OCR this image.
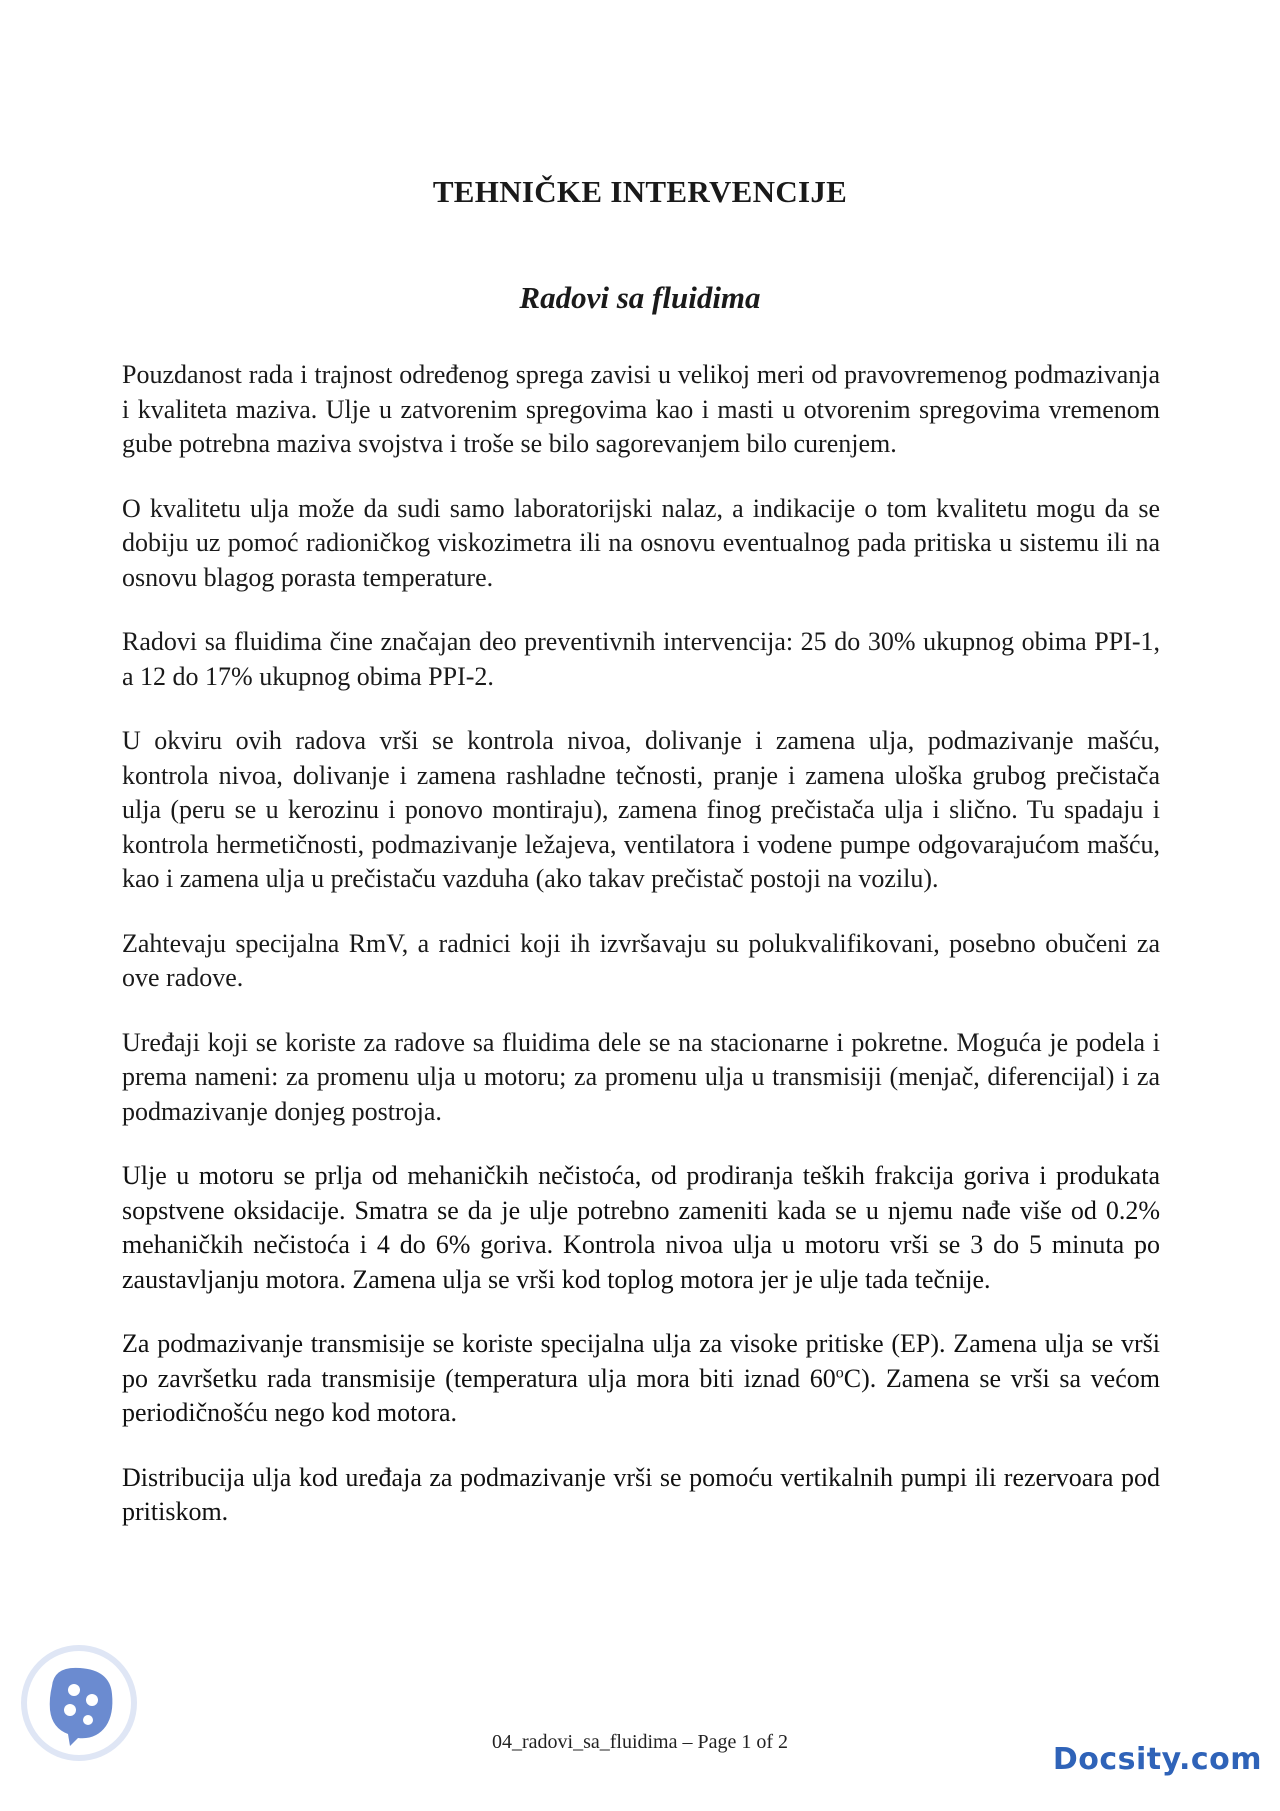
TEHNIČKE INTERVENCIJE
Radovi sa fluidima

Pouzdanost rada i trajnost određenog sprega zavisi u velikoj meri od pravovremenog podmazivanja i kvaliteta maziva. Ulje u zatvorenim spregovima kao i masti u otvorenim spregovima vremenom gube potrebna maziva svojstva i troše se bilo sagorevanjem bilo curenjem.

O kvalitetu ulja može da sudi samo laboratorijski nalaz, a indikacije o tom kvalitetu mogu da se dobiju uz pomoć radioničkog viskozimetra ili na osnovu eventualnog pada pritiska u sistemu ili na osnovu blagog porasta temperature.

Radovi sa fluidima čine značajan deo preventivnih intervencija: 25 do 30% ukupnog obima PPI-1, a 12 do 17% ukupnog obima PPI-2.

U okviru ovih radova vrši se kontrola nivoa, dolivanje i zamena ulja, podmazivanje mašću, kontrola nivoa, dolivanje i zamena rashladne tečnosti, pranje i zamena uloška grubog prečistača ulja (peru se u kerozinu i ponovo montiraju), zamena finog prečistača ulja i slično. Tu spadaju i kontrola hermetičnosti, podmazivanje ležajeva, ventilatora i vodene pumpe odgovarajućom mašću, kao i zamena ulja u prečistaču vazduha (ako takav prečistač postoji na vozilu).

Zahtevaju specijalna RmV, a radnici koji ih izvršavaju su polukvalifikovani, posebno obučeni za ove radove.

Uređaji koji se koriste za radove sa fluidima dele se na stacionarne i pokretne. Moguća je podela i prema nameni: za promenu ulja u motoru; za promenu ulja u transmisiji (menjač, diferencijal) i za podmazivanje donjeg postroja.

Ulje u motoru se prlja od mehaničkih nečistoća, od prodiranja teških frakcija goriva i produkata sopstvene oksidacije. Smatra se da je ulje potrebno zameniti kada se u njemu nađe više od 0.2% mehaničkih nečistoća i 4 do 6% goriva. Kontrola nivoa ulja u motoru vrši se 3 do 5 minuta po zaustavljanju motora. Zamena ulja se vrši kod toplog motora jer je ulje tada tečnije.

Za podmazivanje transmisije se koriste specijalna ulja za visoke pritiske (EP). Zamena ulja se vrši po završetku rada transmisije (temperatura ulja mora biti iznad 60$^o$C). Zamena se vrši sa većom periodičnošću nego kod motora.

Distribucija ulja kod uređaja za podmazivanje vrši se pomoću vertikalnih pumpi ili rezervoara pod pritiskom.

04_radovi_sa_fluidima – Page 1 of 2	Docsity.com
